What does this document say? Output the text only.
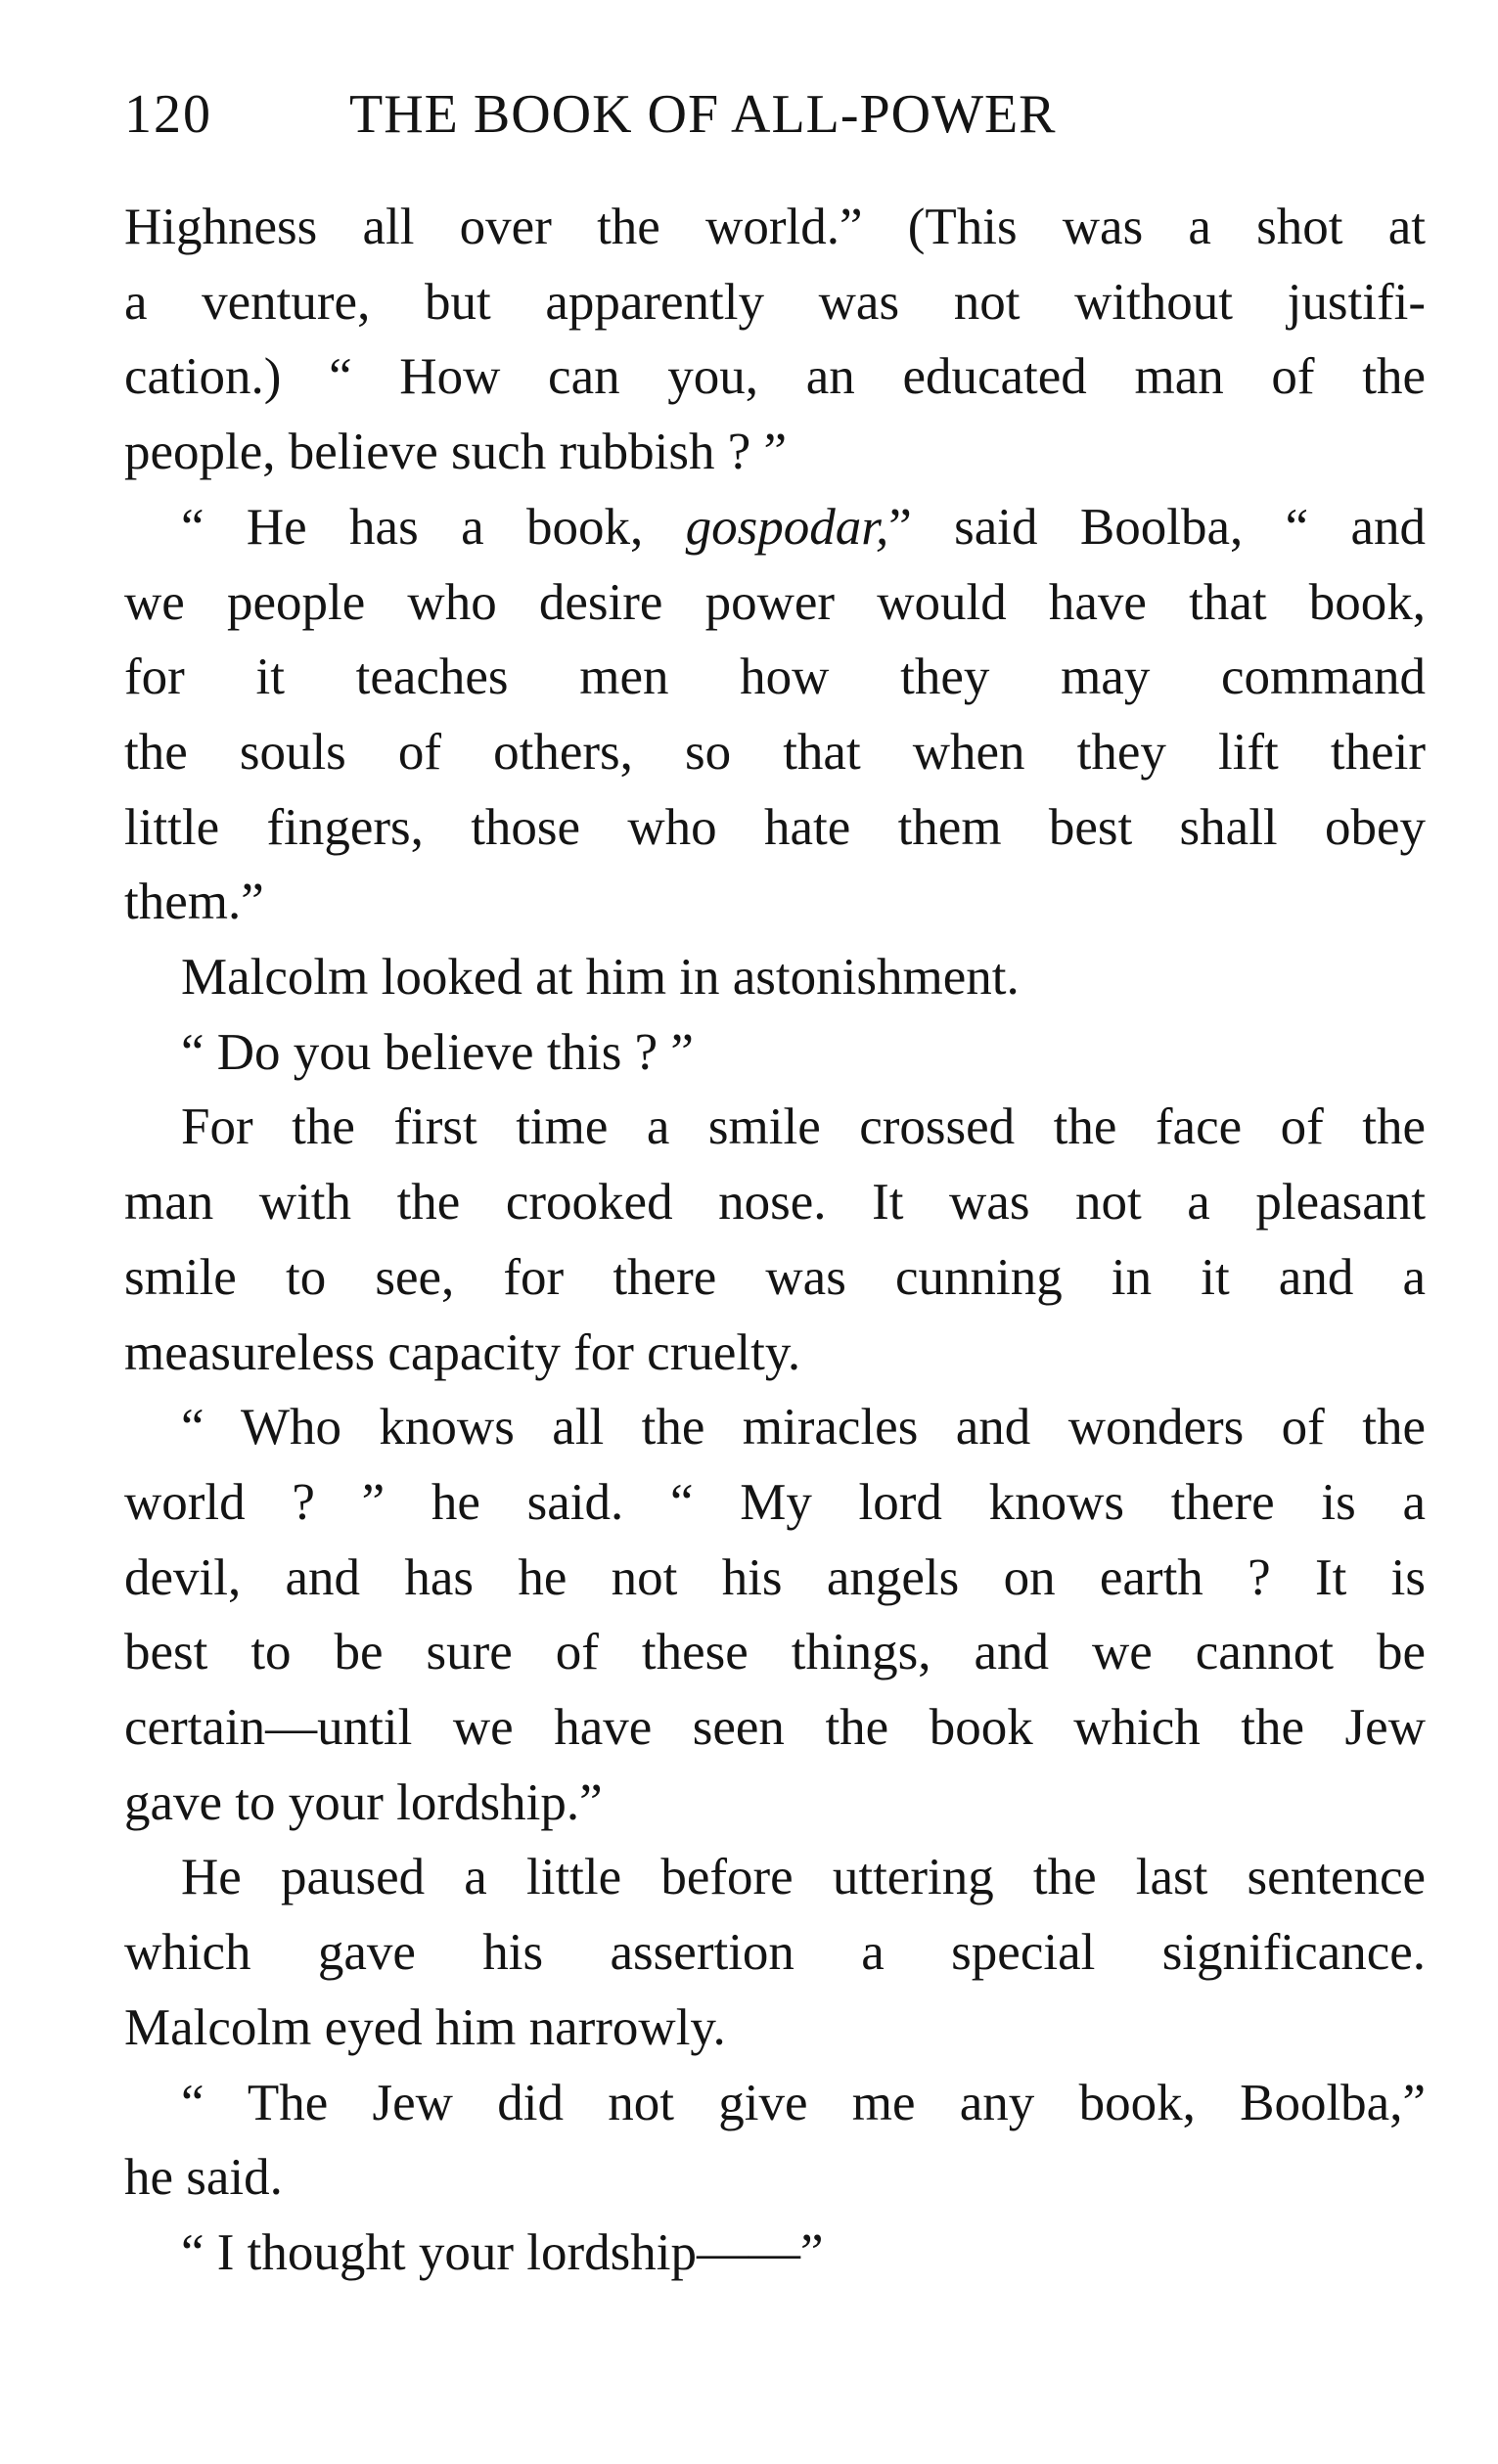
120	THE BOOK OF ALL-POWER
Highness all over the world.” (This was a shot at
a venture, but apparently was not without justifi-
cation.) “ How can you, an educated man of the
people, believe such rubbish ? ”
“ He has a book, gospodar,” said Boolba, “ and
we people who desire power would have that book,
for it teaches men how they may command
the souls of others, so that when they lift their
little fingers, those who hate them best shall obey
them.”
Malcolm looked at him in astonishment.
“ Do you believe this ? ”
For the first time a smile crossed the face of the
man with the crooked nose. It was not a pleasant
smile to see, for there was cunning in it and a
measureless capacity for cruelty.
“ Who knows all the miracles and wonders of the
world ? ” he said. “ My lord knows there is a
devil, and has he not his angels on earth ? It is
best to be sure of these things, and we cannot be
certain—until we have seen the book which the Jew
gave to your lordship.”
He paused a little before uttering the last sentence
which gave his assertion a special significance.
Malcolm eyed him narrowly.
“ The Jew did not give me any book, Boolba,”
he said.
“ I thought your lordship——”
